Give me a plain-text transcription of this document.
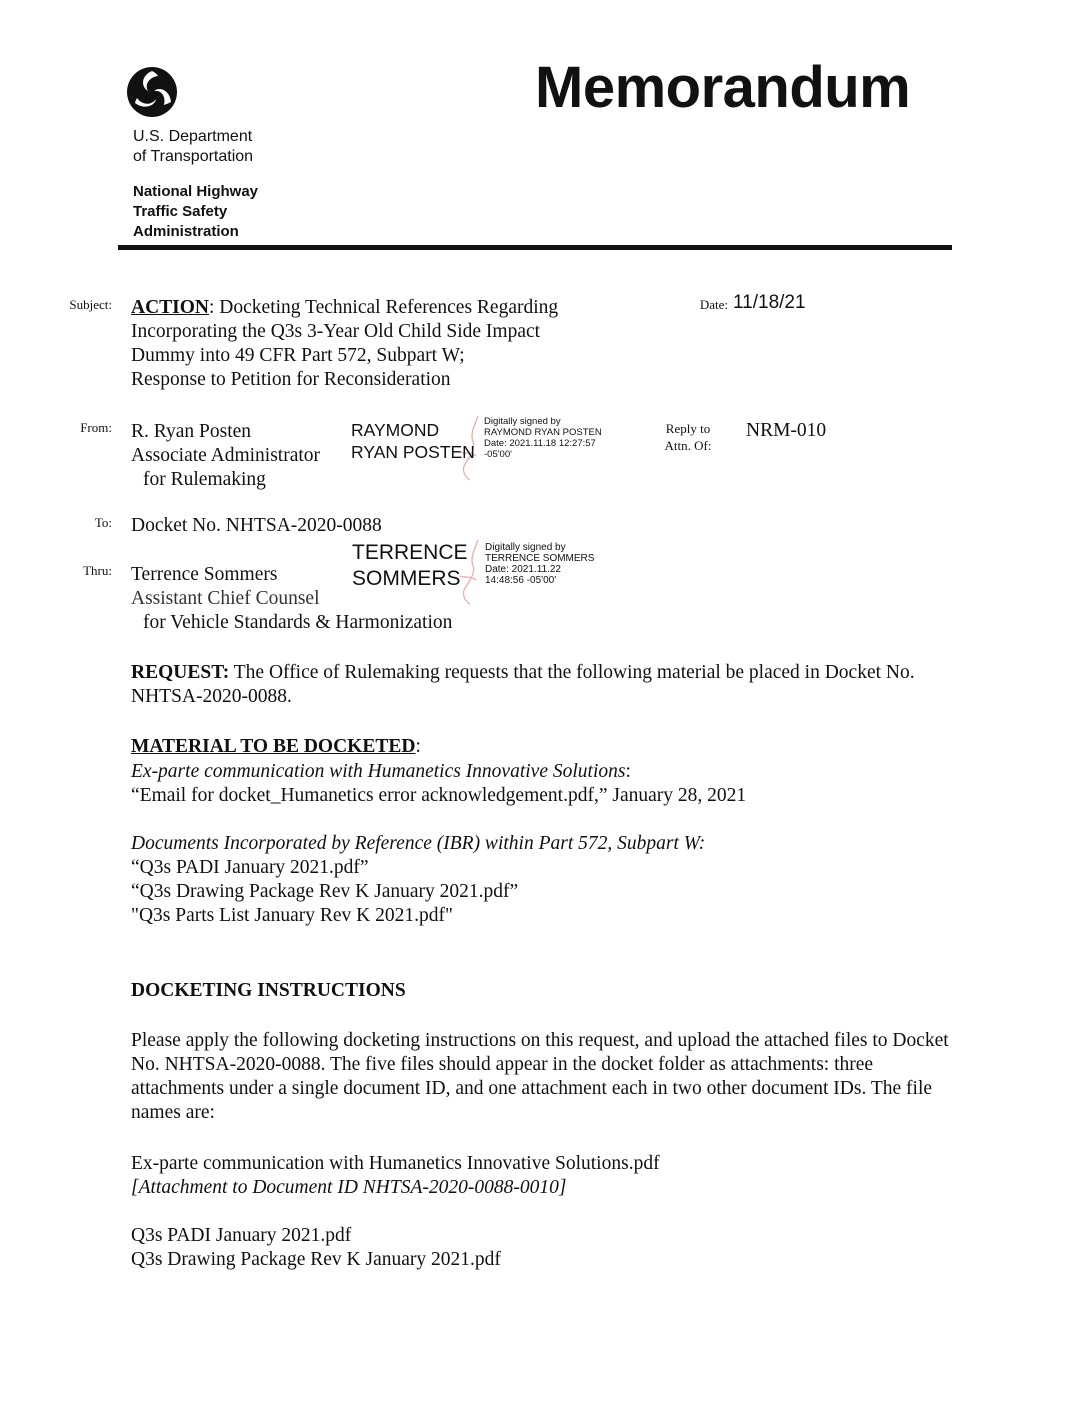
U.S. Department
of Transportation
National Highway
Traffic Safety
Administration
Memorandum
Subject: ACTION: Docketing Technical References Regarding
Incorporating the Q3s 3-Year Old Child Side Impact
Dummy into 49 CFR Part 572, Subpart W;
Response to Petition for Reconsideration
Date: 11/18/21
From: R. Ryan Posten
Associate Administrator
for Rulemaking
RAYMOND
RYAN POSTEN
Digitally signed by
RAYMOND RYAN POSTEN
Date: 2021.11.18 12:27:57
-05'00'
Reply to
Attn. Of:
NRM-010
To: Docket No. NHTSA-2020-0088
Thru: Terrence Sommers
Assistant Chief Counsel
for Vehicle Standards & Harmonization
TERRENCE
SOMMERS
Digitally signed by
TERRENCE SOMMERS
Date: 2021.11.22
14:48:56 -05'00'
REQUEST: The Office of Rulemaking requests that the following material be placed in Docket No. NHTSA-2020-0088.
MATERIAL TO BE DOCKETED:
Ex-parte communication with Humanetics Innovative Solutions:
“Email for docket_Humanetics error acknowledgement.pdf,” January 28, 2021
Documents Incorporated by Reference (IBR) within Part 572, Subpart W:
“Q3s PADI January 2021.pdf”
“Q3s Drawing Package Rev K January 2021.pdf”
"Q3s Parts List January Rev K 2021.pdf"
DOCKETING INSTRUCTIONS
Please apply the following docketing instructions on this request, and upload the attached files to Docket No. NHTSA-2020-0088. The five files should appear in the docket folder as attachments: three attachments under a single document ID, and one attachment each in two other document IDs. The file names are:
Ex-parte communication with Humanetics Innovative Solutions.pdf
[Attachment to Document ID NHTSA-2020-0088-0010]
Q3s PADI January 2021.pdf
Q3s Drawing Package Rev K January 2021.pdf
